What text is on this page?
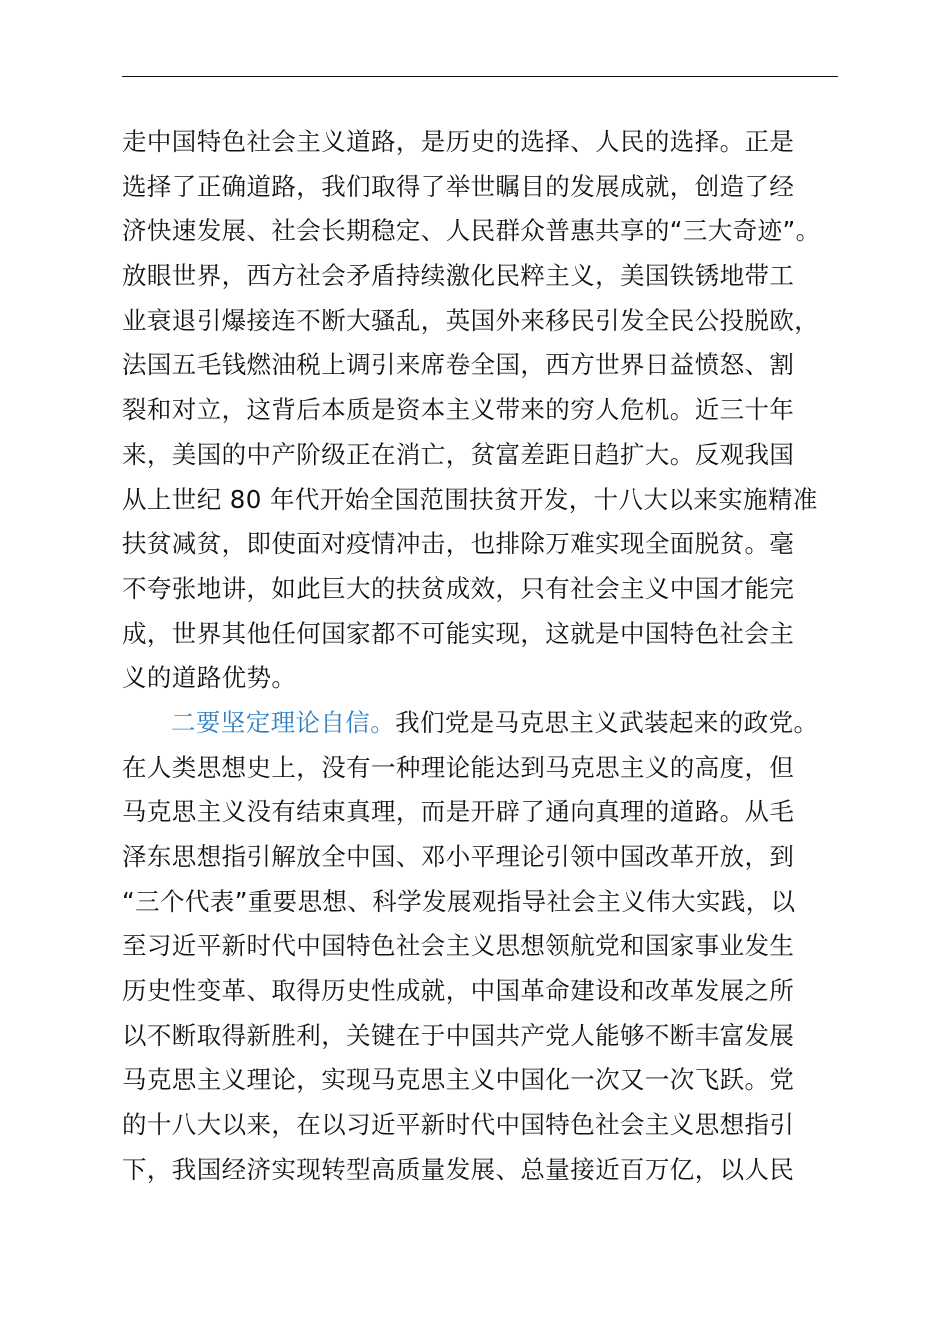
走中国特色社会主义道路，是历史的选择、人民的选择。正是
选择了正确道路，我们取得了举世瞩目的发展成就，创造了经
济快速发展、社会长期稳定、人民群众普惠共享的“三大奇迹”。
放眼世界，西方社会矛盾持续激化民粹主义，美国铁锈地带工
业衰退引爆接连不断大骚乱，英国外来移民引发全民公投脱欧，
法国五毛钱燃油税上调引来席卷全国，西方世界日益愤怒、割
裂和对立，这背后本质是资本主义带来的穷人危机。近三十年
来，美国的中产阶级正在消亡，贫富差距日趋扩大。反观我国
从上世纪 80 年代开始全国范围扶贫开发，十八大以来实施精准
扶贫减贫，即使面对疫情冲击，也排除万难实现全面脱贫。毫
不夸张地讲，如此巨大的扶贫成效，只有社会主义中国才能完
成，世界其他任何国家都不可能实现，这就是中国特色社会主
义的道路优势。
二要坚定理论自信。我们党是马克思主义武装起来的政党。
在人类思想史上，没有一种理论能达到马克思主义的高度，但
马克思主义没有结束真理，而是开辟了通向真理的道路。从毛
泽东思想指引解放全中国、邓小平理论引领中国改革开放，到
“三个代表”重要思想、科学发展观指导社会主义伟大实践，以
至习近平新时代中国特色社会主义思想领航党和国家事业发生
历史性变革、取得历史性成就，中国革命建设和改革发展之所
以不断取得新胜利，关键在于中国共产党人能够不断丰富发展
马克思主义理论，实现马克思主义中国化一次又一次飞跃。党
的十八大以来，在以习近平新时代中国特色社会主义思想指引
下，我国经济实现转型高质量发展、总量接近百万亿，以人民
